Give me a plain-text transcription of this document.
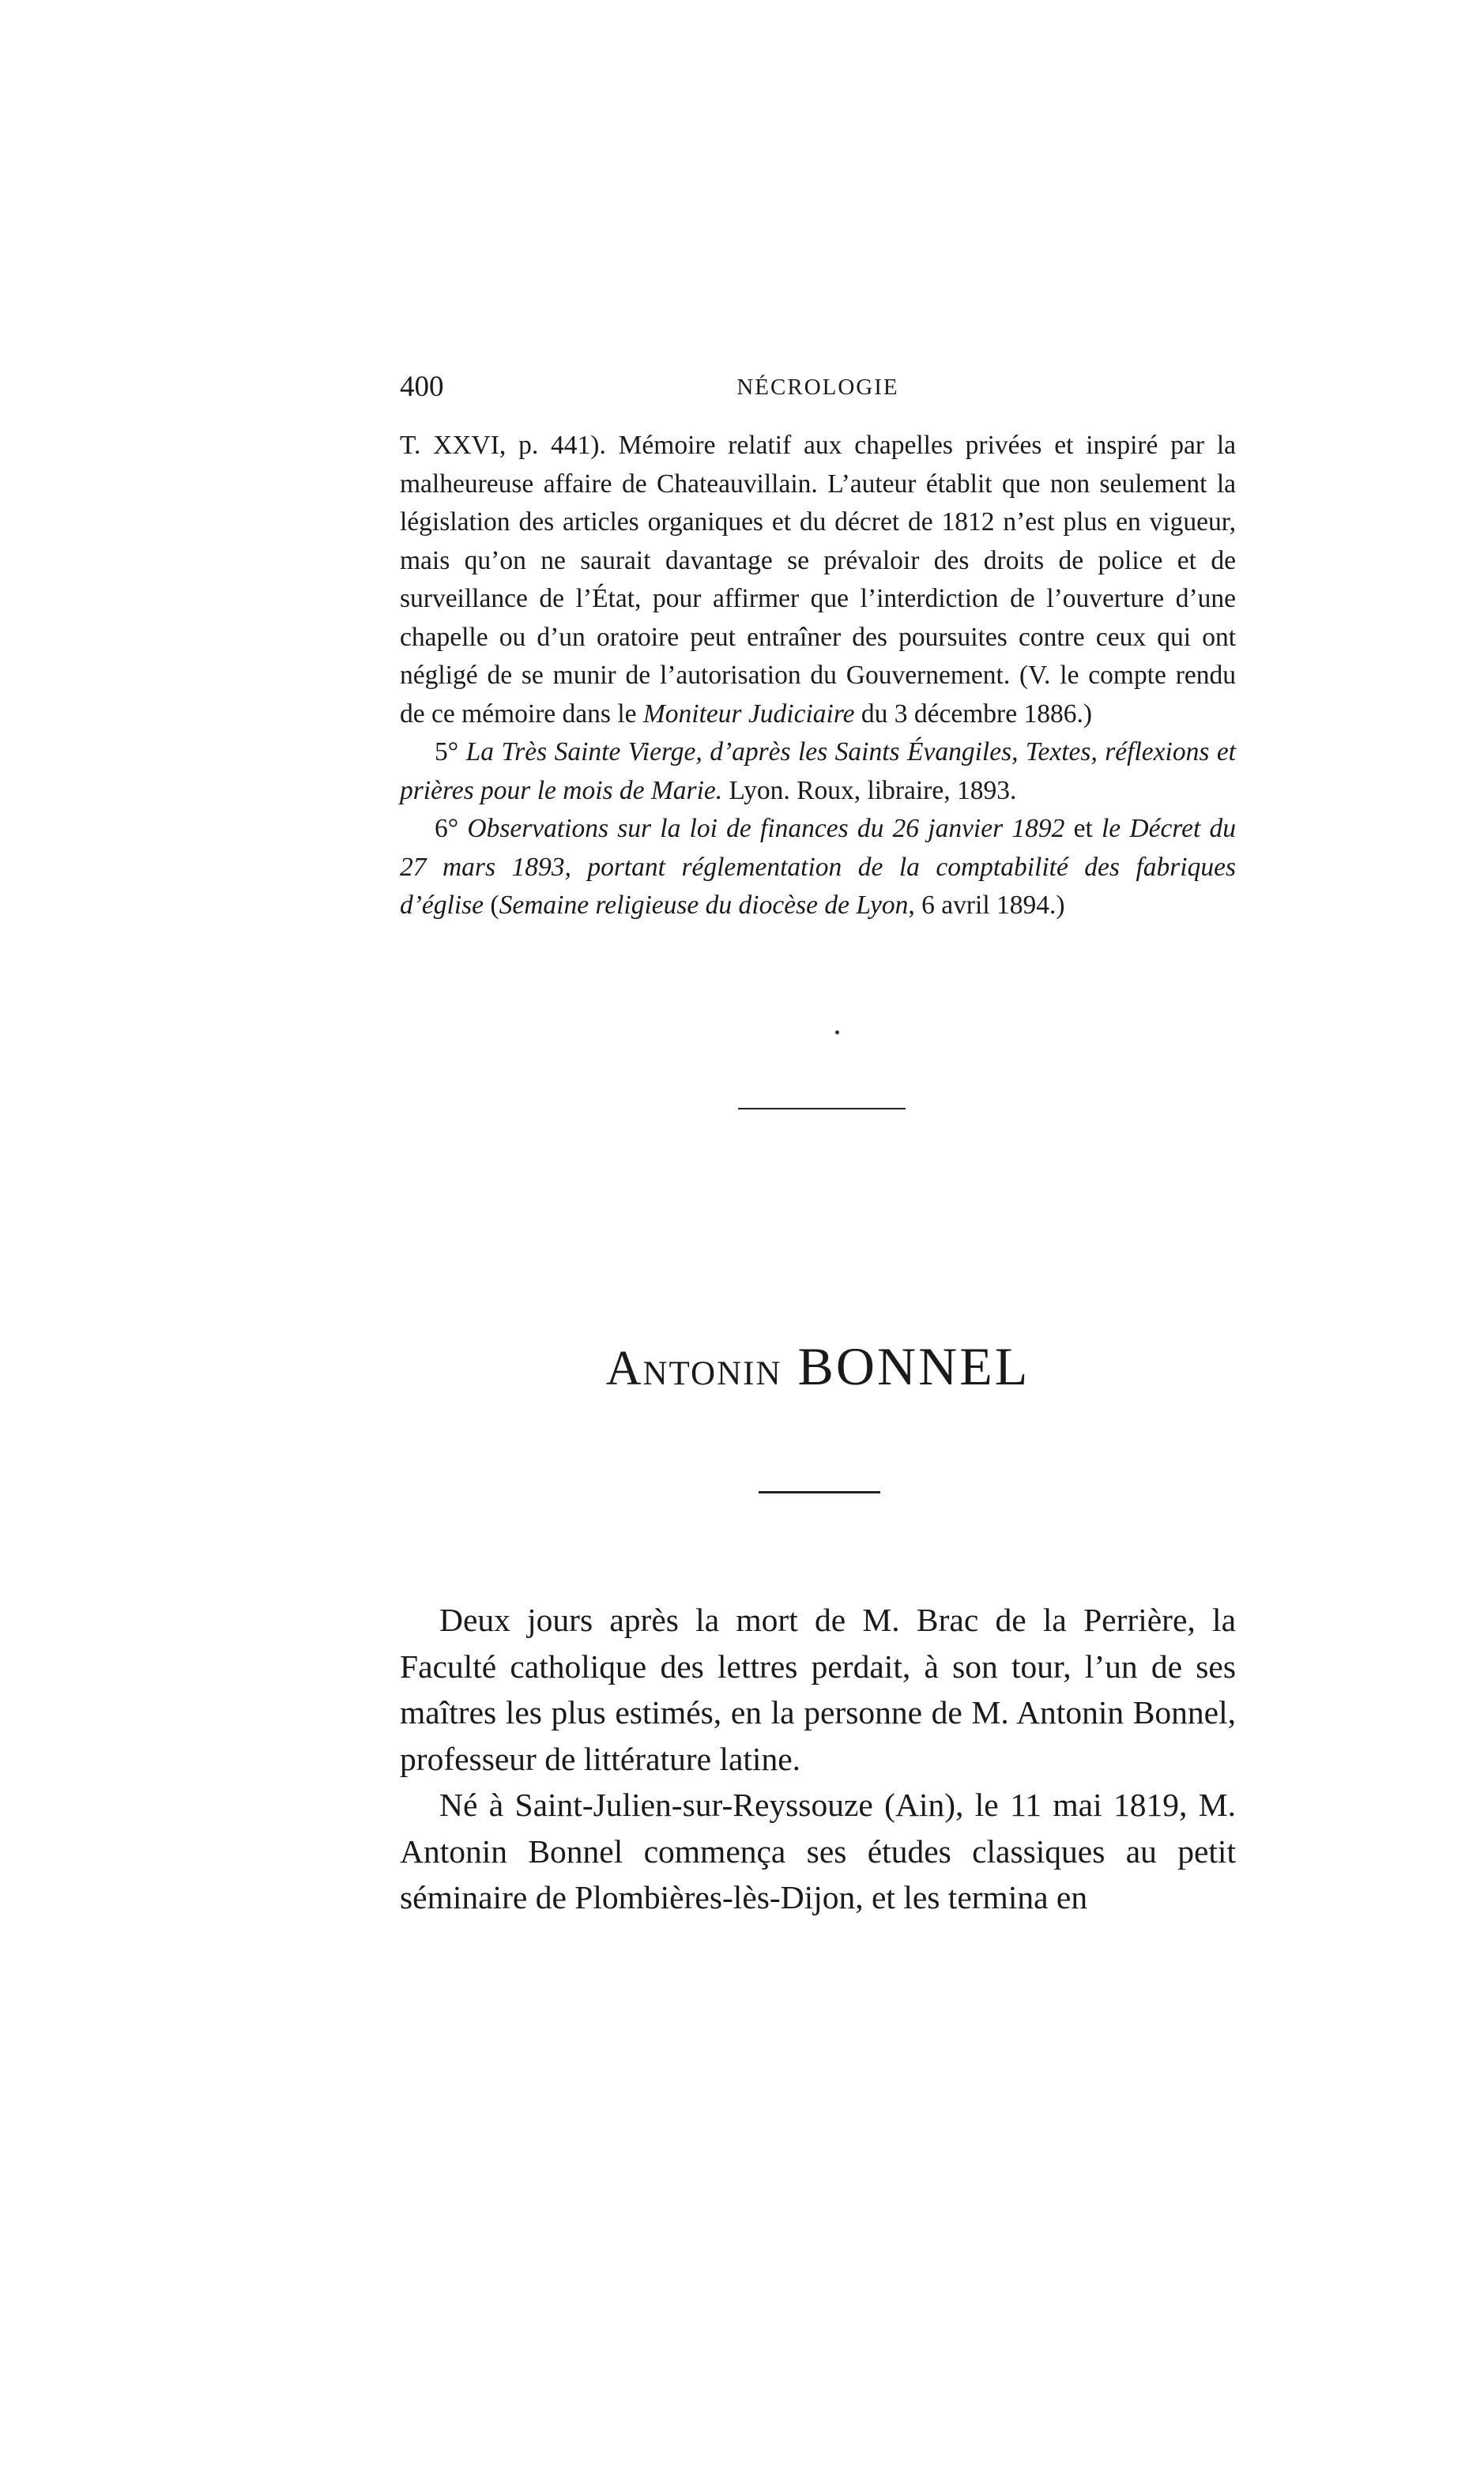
400	NÉCROLOGIE

T. XXVI, p. 441). Mémoire relatif aux chapelles privées et inspiré par la malheureuse affaire de Chateauvillain. L’auteur établit que non seulement la législation des articles organiques et du décret de 1812 n’est plus en vigueur, mais qu’on ne saurait davantage se prévaloir des droits de police et de surveillance de l’État, pour affirmer que l’interdiction de l’ouverture d’une chapelle ou d’un oratoire peut entraîner des poursuites contre ceux qui ont négligé de se munir de l’autorisation du Gouvernement. (V. le compte rendu de ce mémoire dans le Moniteur Judiciaire du 3 décembre 1886.)

5° La Très Sainte Vierge, d’après les Saints Évangiles, Textes, réflexions et prières pour le mois de Marie. Lyon. Roux, libraire, 1893.

6° Observations sur la loi de finances du 26 janvier 1892 et le Décret du 27 mars 1893, portant réglementation de la comptabilité des fabriques d’église (Semaine religieuse du diocèse de Lyon, 6 avril 1894.)

Antonin BONNEL

Deux jours après la mort de M. Brac de la Perrière, la Faculté catholique des lettres perdait, à son tour, l’un de ses maîtres les plus estimés, en la personne de M. Antonin Bonnel, professeur de littérature latine.

Né à Saint-Julien-sur-Reyssouze (Ain), le 11 mai 1819, M. Antonin Bonnel commença ses études classiques au petit séminaire de Plombières-lès-Dijon, et les termina en
